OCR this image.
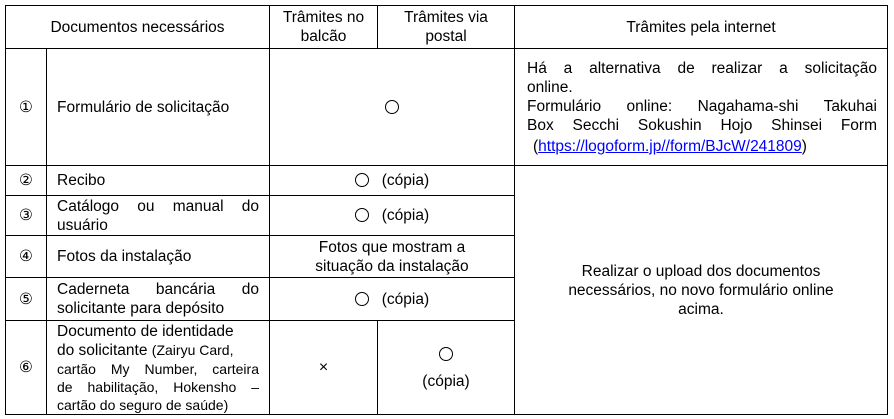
Documentos necessários		Trâmites no balcão	Trâmites via postal	Trâmites pela internet
①	Formulário de solicitação			Há a alternativa de realizar a solicitação
online.
Formulário online: Nagahama-shi Takuhai
Box Secchi Sokushin Hojo Shinsei Form
(https://logoform.jp//form/BJcW/241809)

②	Recibo	(cópia)		Realizar o upload dos documentos
necessários, no novo formulário online
acima.

③	Catálogo ou manual do
usuário	(cópia)		
④	Fotos da instalação	Fotos que mostram a
situação da instalação		

⑤	Caderneta bancária do
solicitante para depósito	(cópia)		
⑥	Documento de identidade
do solicitante (Zairyu Card,
cartão My Number, carteira
de habilitação, Hokensho –
cartão do seguro de saúde)	×	(cópia)	
